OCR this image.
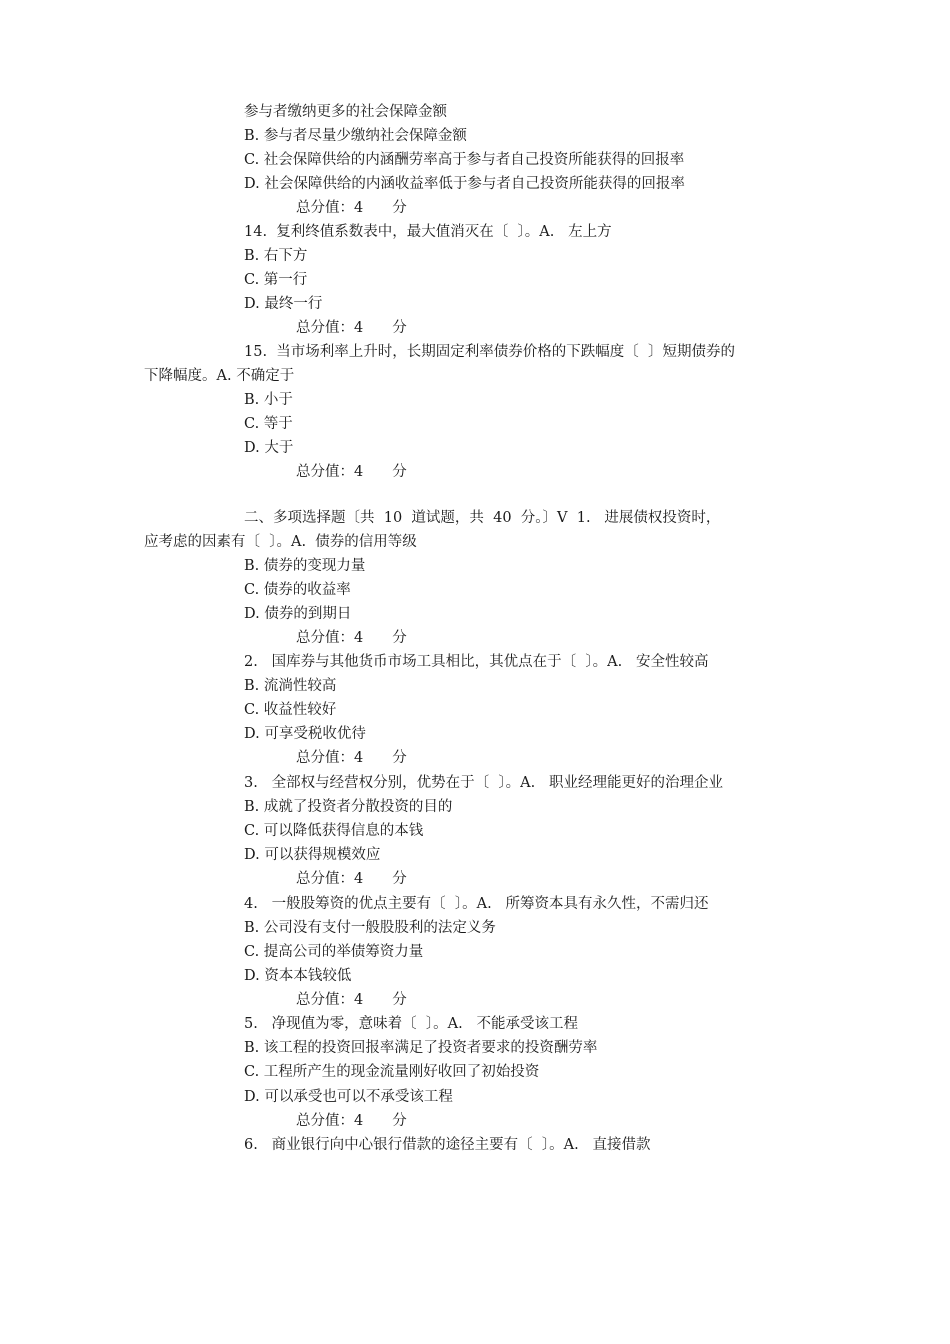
参与者缴纳更多的社会保障金额
B. 参与者尽量少缴纳社会保障金额
C. 社会保障供给的内涵酬劳率高于参与者自己投资所能获得的回报率
D. 社会保障供给的内涵收益率低于参与者自己投资所能获得的回报率
总分值：4　　分
14.  复利终值系数表中，最大值消灭在〔  〕。A.   左上方
B. 右下方
C. 第一行
D. 最终一行
总分值：4　　分
15.  当市场利率上升时，长期固定利率债券价格的下跌幅度〔  〕短期债券的
下降幅度。A. 不确定于
B. 小于
C. 等于
D. 大于
总分值：4　　分
二、多项选择题〔共  10  道试题，共  40  分。〕V  1.   进展债权投资时，
应考虑的因素有〔  〕。A.  债券的信用等级
B. 债券的变现力量
C. 债券的收益率
D. 债券的到期日
总分值：4　　分
2.   国库券与其他货币市场工具相比，其优点在于〔  〕。A.   安全性较高
B. 流淌性较高
C. 收益性较好
D. 可享受税收优待
总分值：4　　分
3.   全部权与经营权分别，优势在于〔  〕。A.   职业经理能更好的治理企业
B. 成就了投资者分散投资的目的
C. 可以降低获得信息的本钱
D. 可以获得规模效应
总分值：4　　分
4.   一般股筹资的优点主要有〔  〕。A.   所筹资本具有永久性，不需归还
B. 公司没有支付一般股股利的法定义务
C. 提高公司的举债筹资力量
D. 资本本钱较低
总分值：4　　分
5.   净现值为零，意味着〔  〕。A.   不能承受该工程
B. 该工程的投资回报率满足了投资者要求的投资酬劳率
C. 工程所产生的现金流量刚好收回了初始投资
D. 可以承受也可以不承受该工程
总分值：4　　分
6.   商业银行向中心银行借款的途径主要有〔  〕。A.   直接借款
